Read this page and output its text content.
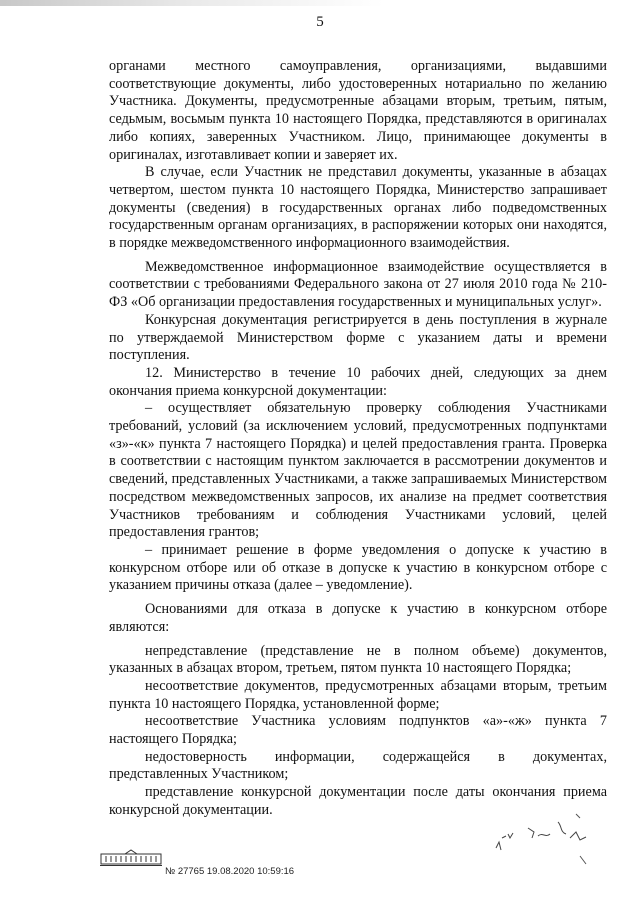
5

органами местного самоуправления, организациями, выдавшими соответствующие документы, либо удостоверенных нотариально по желанию Участника. Документы, предусмотренные абзацами вторым, третьим, пятым, седьмым, восьмым пункта 10 настоящего Порядка, представляются в оригиналах либо копиях, заверенных Участником. Лицо, принимающее документы в оригиналах, изготавливает копии и заверяет их.

В случае, если Участник не представил документы, указанные в абзацах четвертом, шестом пункта 10 настоящего Порядка, Министерство запрашивает документы (сведения) в государственных органах либо подведомственных государственным органам организациях, в распоряжении которых они находятся, в порядке межведомственного информационного взаимодействия.

Межведомственное информационное взаимодействие осуществляется в соответствии с требованиями Федерального закона от 27 июля 2010 года № 210-ФЗ «Об организации предоставления государственных и муниципальных услуг».

Конкурсная документация регистрируется в день поступления в журнале по утверждаемой Министерством форме с указанием даты и времени поступления.

12. Министерство в течение 10 рабочих дней, следующих за днем окончания приема конкурсной документации:

– осуществляет обязательную проверку соблюдения Участниками требований, условий (за исключением условий, предусмотренных подпунктами «з»-«к» пункта 7 настоящего Порядка) и целей предоставления гранта. Проверка в соответствии с настоящим пунктом заключается в рассмотрении документов и сведений, представленных Участниками, а также запрашиваемых Министерством посредством межведомственных запросов, их анализе на предмет соответствия Участников требованиям и соблюдения Участниками условий, целей предоставления грантов;

– принимает решение в форме уведомления о допуске к участию в конкурсном отборе или об отказе в допуске к участию в конкурсном отборе с указанием причины отказа (далее – уведомление).

Основаниями для отказа в допуске к участию в конкурсном отборе являются:

непредставление (представление не в полном объеме) документов, указанных в абзацах втором, третьем, пятом пункта 10 настоящего Порядка;

несоответствие документов, предусмотренных абзацами вторым, третьим пункта 10 настоящего Порядка, установленной форме;

несоответствие Участника условиям подпунктов «а»-«ж» пункта 7 настоящего Порядка;

недостоверность информации, содержащейся в документах, представленных Участником;

представление конкурсной документации после даты окончания приема конкурсной документации.

№ 27765 19.08.2020 10:59:16
